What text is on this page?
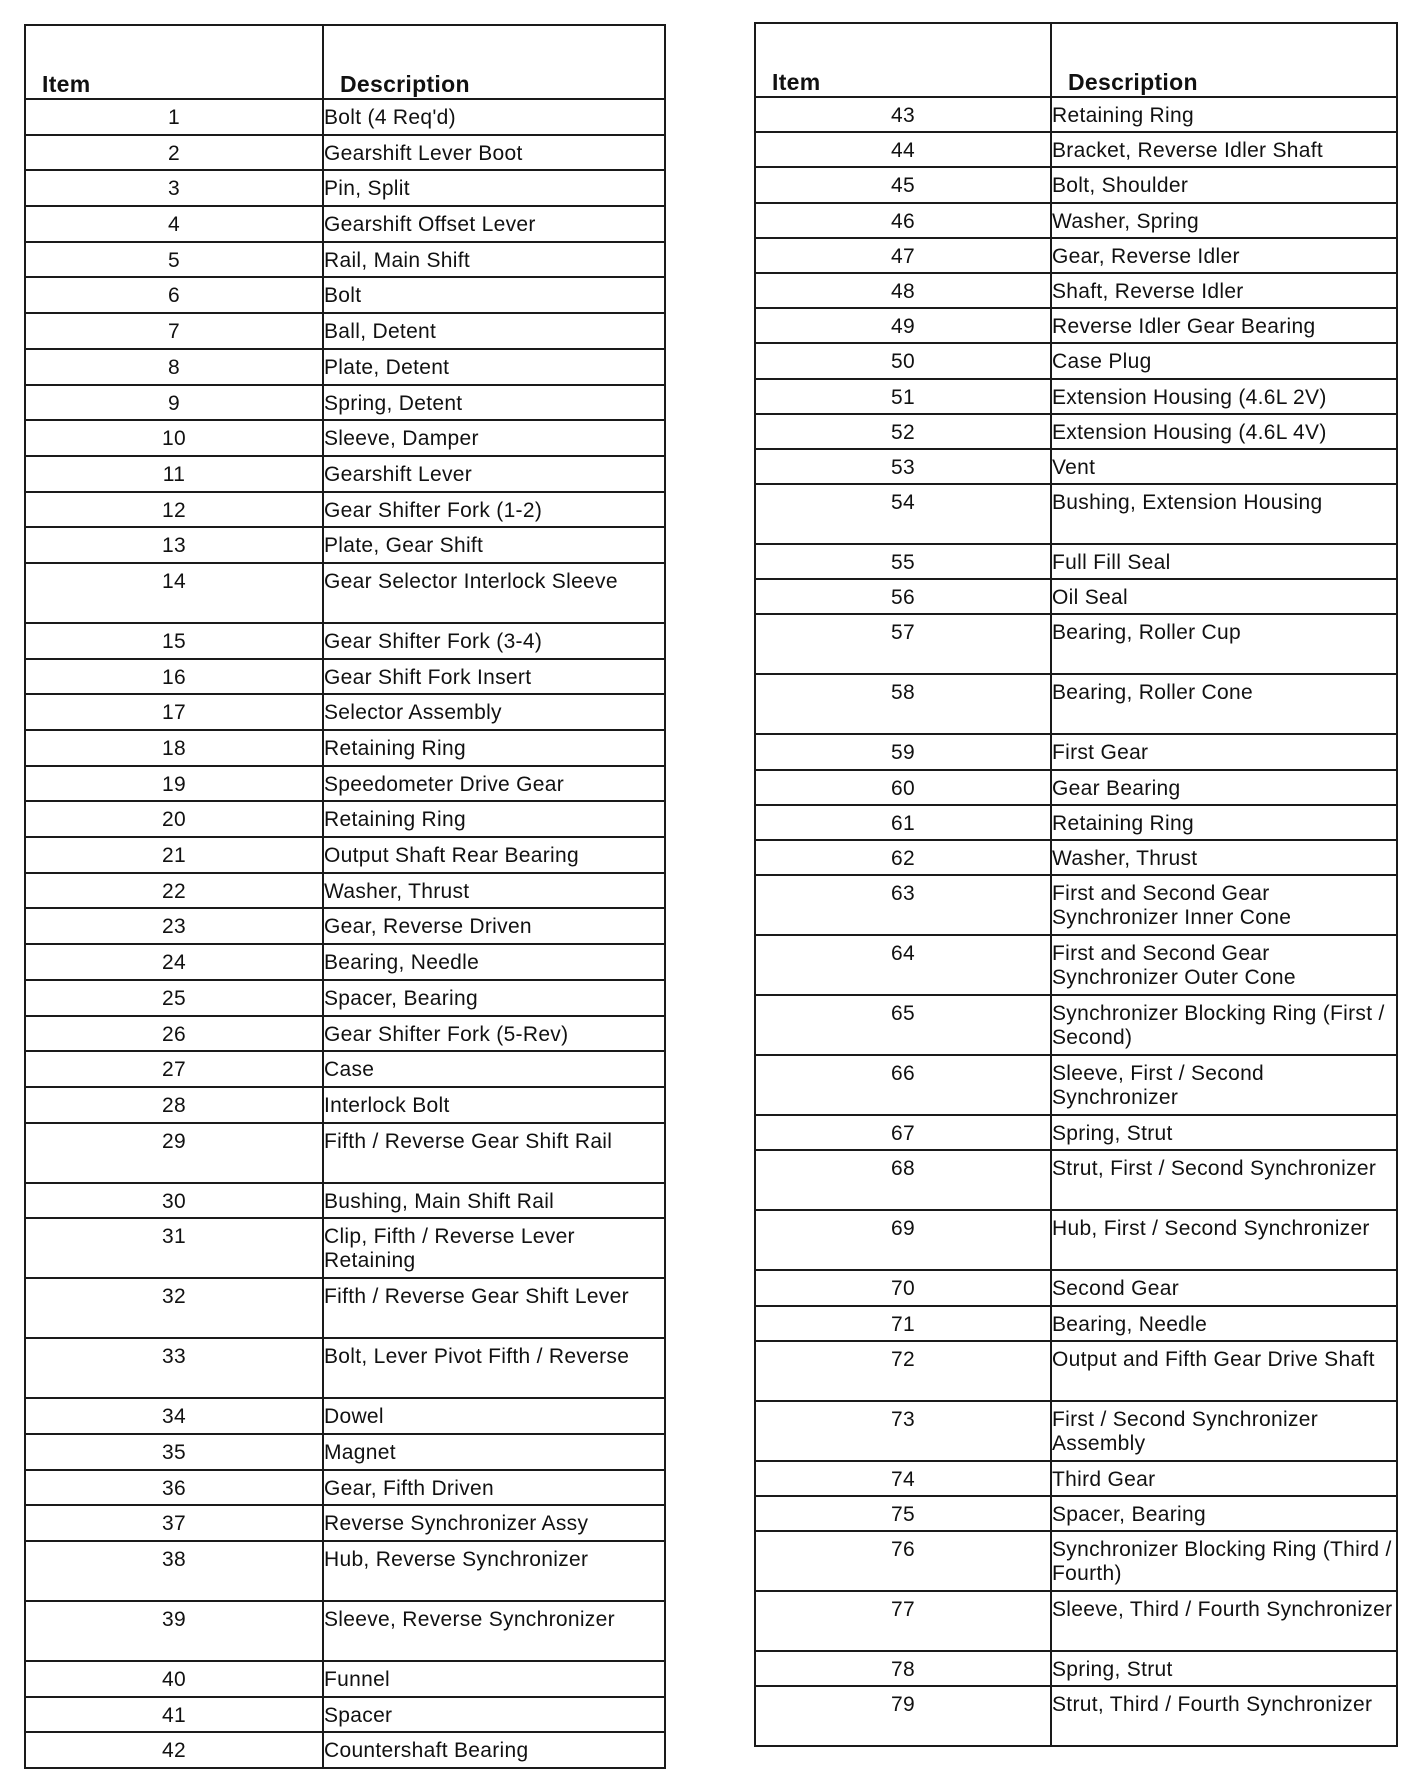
Item	Description
1	Bolt (4 Req'd)
2	Gearshift Lever Boot
3	Pin, Split
4	Gearshift Offset Lever
5	Rail, Main Shift
6	Bolt
7	Ball, Detent
8	Plate, Detent
9	Spring, Detent
10	Sleeve, Damper
11	Gearshift Lever
12	Gear Shifter Fork (1-2)
13	Plate, Gear Shift
14	Gear Selector Interlock Sleeve
15	Gear Shifter Fork (3-4)
16	Gear Shift Fork Insert
17	Selector Assembly
18	Retaining Ring
19	Speedometer Drive Gear
20	Retaining Ring
21	Output Shaft Rear Bearing
22	Washer, Thrust
23	Gear, Reverse Driven
24	Bearing, Needle
25	Spacer, Bearing
26	Gear Shifter Fork (5-Rev)
27	Case
28	Interlock Bolt
29	Fifth / Reverse Gear Shift Rail
30	Bushing, Main Shift Rail
31	Clip, Fifth / Reverse Lever Retaining
32	Fifth / Reverse Gear Shift Lever
33	Bolt, Lever Pivot Fifth / Reverse
34	Dowel
35	Magnet
36	Gear, Fifth Driven
37	Reverse Synchronizer Assy
38	Hub, Reverse Synchronizer
39	Sleeve, Reverse Synchronizer
40	Funnel
41	Spacer
42	Countershaft Bearing
Item	Description
43	Retaining Ring
44	Bracket, Reverse Idler Shaft
45	Bolt, Shoulder
46	Washer, Spring
47	Gear, Reverse Idler
48	Shaft, Reverse Idler
49	Reverse Idler Gear Bearing
50	Case Plug
51	Extension Housing (4.6L 2V)
52	Extension Housing (4.6L 4V)
53	Vent
54	Bushing, Extension Housing
55	Full Fill Seal
56	Oil Seal
57	Bearing, Roller Cup
58	Bearing, Roller Cone
59	First Gear
60	Gear Bearing
61	Retaining Ring
62	Washer, Thrust
63	First and Second Gear Synchronizer Inner Cone
64	First and Second Gear Synchronizer Outer Cone
65	Synchronizer Blocking Ring (First / Second)
66	Sleeve, First / Second Synchronizer
67	Spring, Strut
68	Strut, First / Second Synchronizer
69	Hub, First / Second Synchronizer
70	Second Gear
71	Bearing, Needle
72	Output and Fifth Gear Drive Shaft
73	First / Second Synchronizer Assembly
74	Third Gear
75	Spacer, Bearing
76	Synchronizer Blocking Ring (Third / Fourth)
77	Sleeve, Third / Fourth Synchronizer
78	Spring, Strut
79	Strut, Third / Fourth Synchronizer
